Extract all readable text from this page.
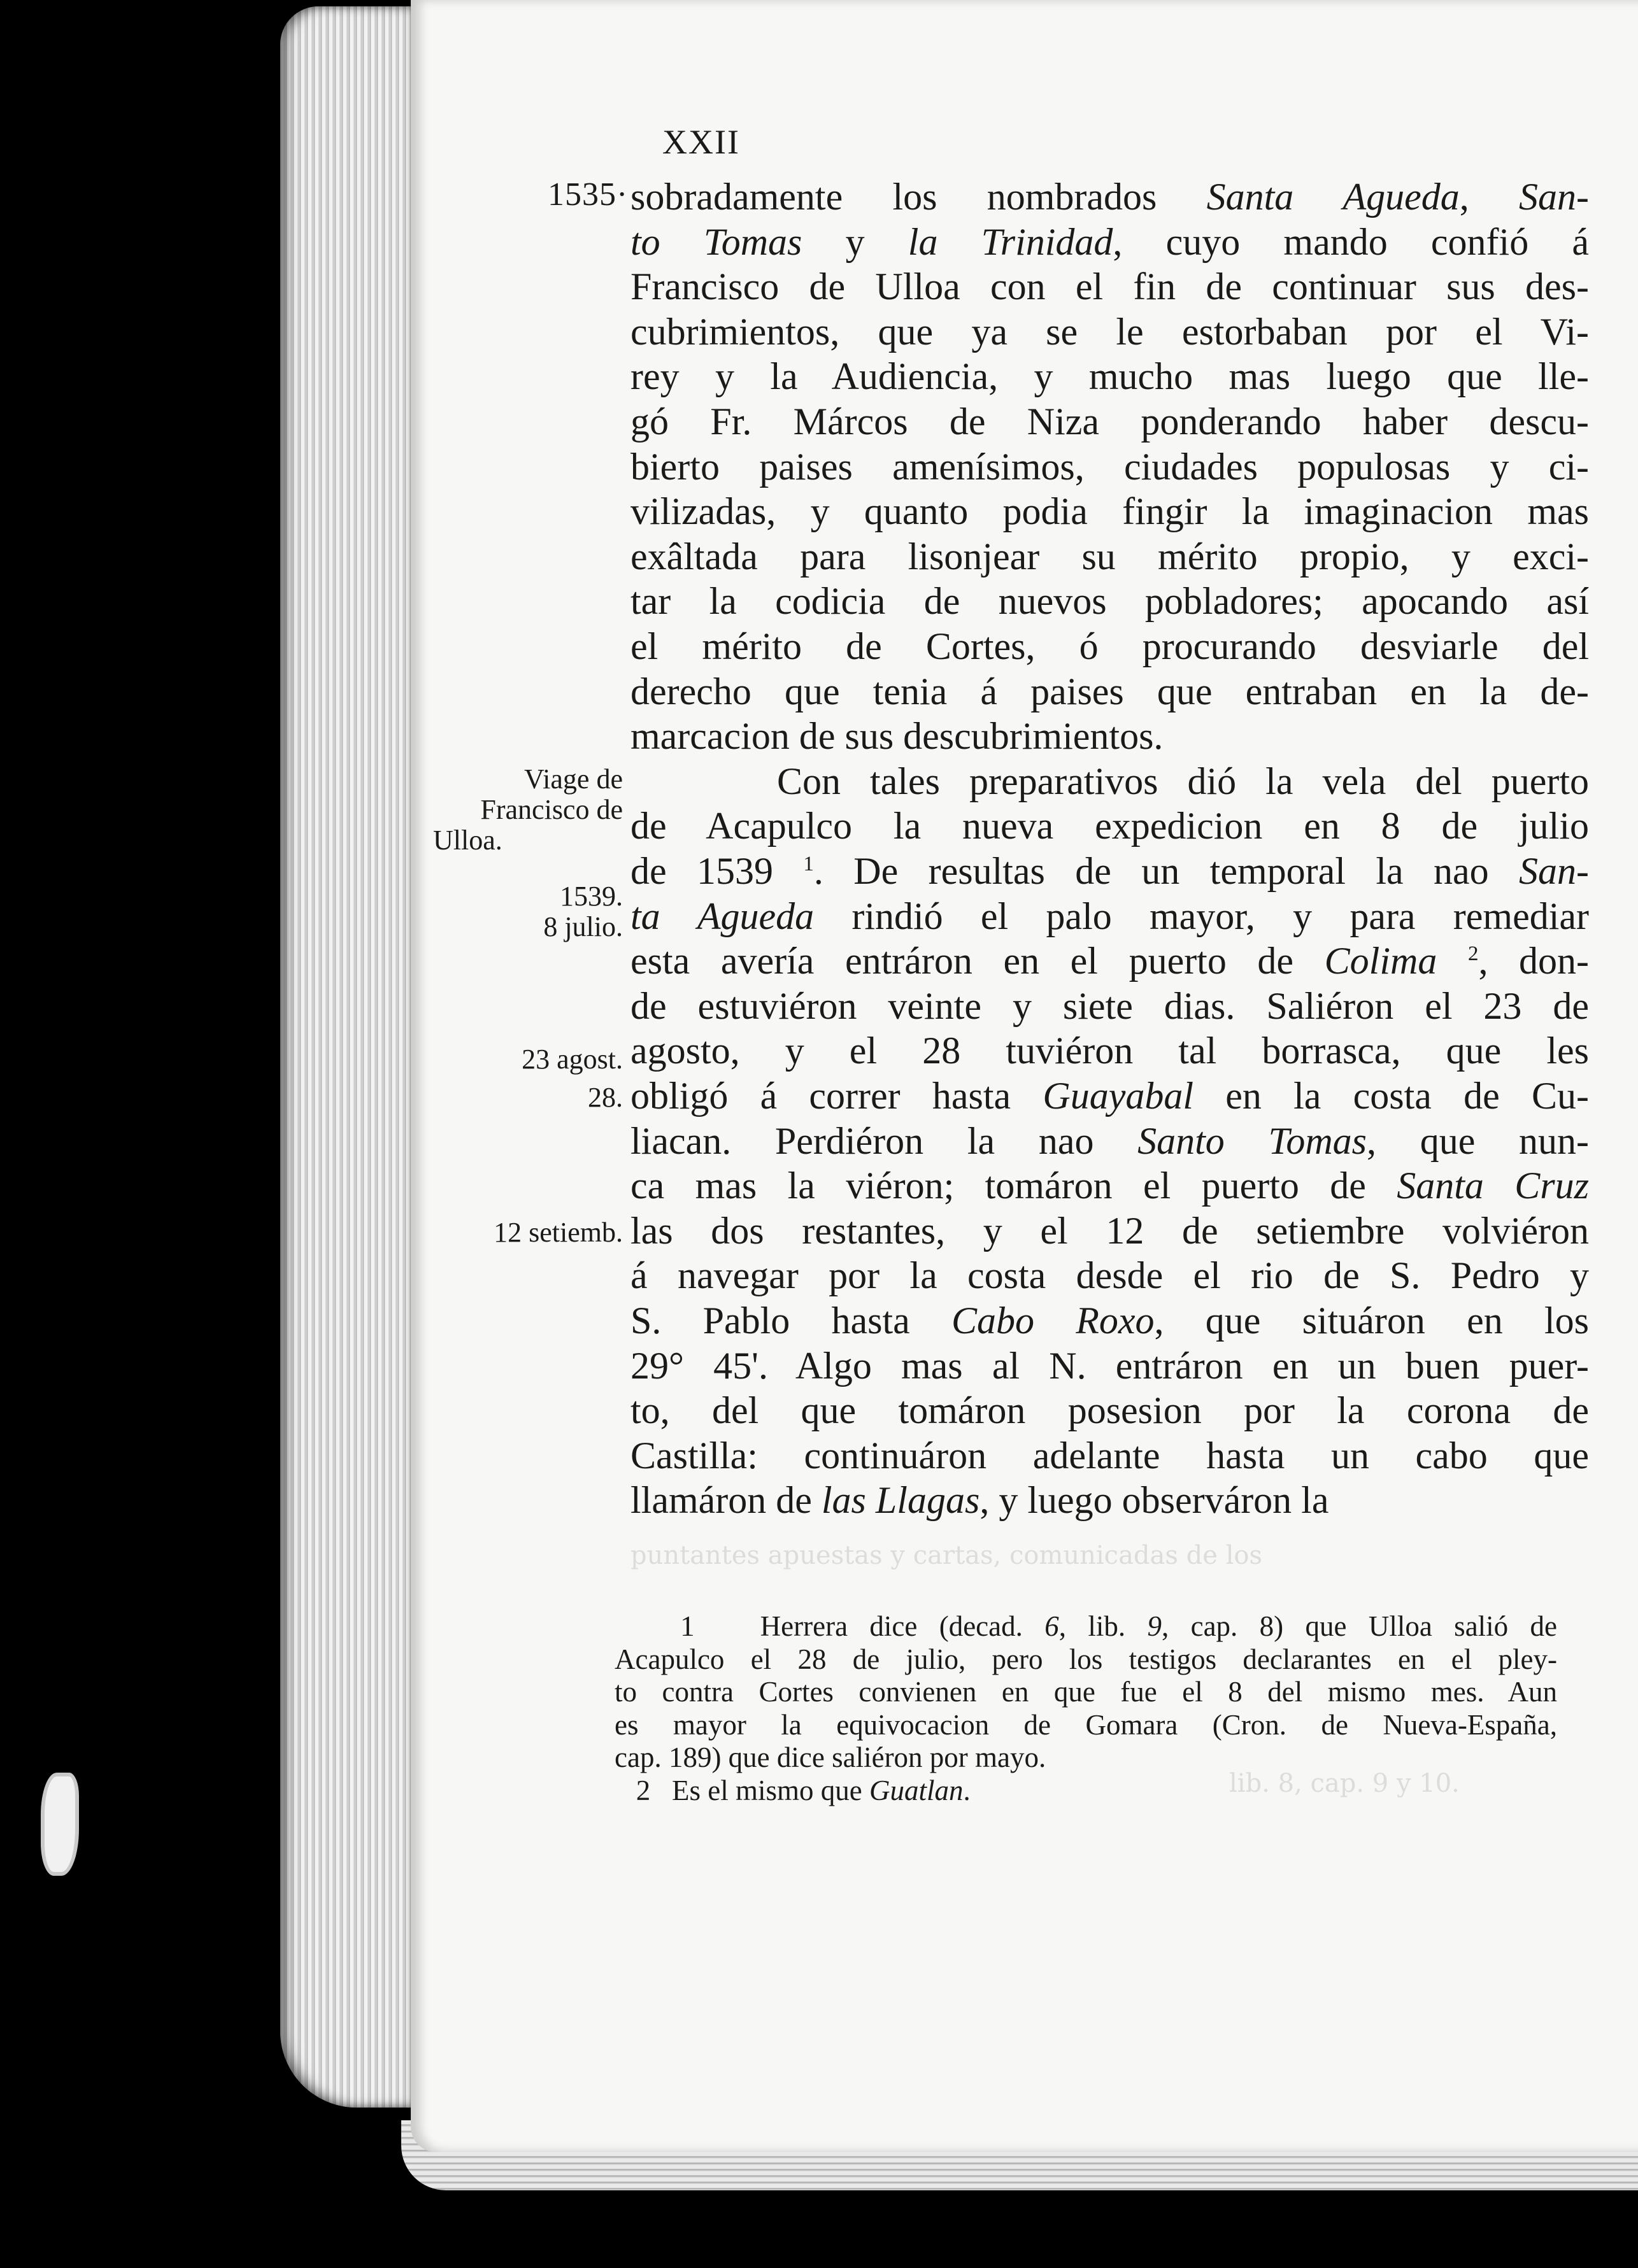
puntantes apuestas y cartas, comunicadas de los
lib. 8, cap. 9 y 10.
XXII
sobradamente los nombrados Santa Agueda, San-
to Tomas y la Trinidad, cuyo mando confió á
Francisco de Ulloa con el fin de continuar sus des-
cubrimientos, que ya se le estorbaban por el Vi-
rey y la Audiencia, y mucho mas luego que lle-
gó Fr. Márcos de Niza ponderando haber descu-
bierto paises amenísimos, ciudades populosas y ci-
vilizadas, y quanto podia fingir la imaginacion mas
exâltada para lisonjear su mérito propio, y exci-
tar la codicia de nuevos pobladores; apocando así
el mérito de Cortes, ó procurando desviarle del
derecho que tenia á paises que entraban en la de-
marcacion de sus descubrimientos.
Con tales preparativos dió la vela del puerto
de Acapulco la nueva expedicion en 8 de julio
de 1539 $^1$. De resultas de un temporal la nao San-
ta Agueda rindió el palo mayor, y para remediar
esta avería entráron en el puerto de Colima $^2$, don-
de estuviéron veinte y siete dias. Saliéron el 23 de
agosto, y el 28 tuviéron tal borrasca, que les
obligó á correr hasta Guayabal en la costa de Cu-
liacan. Perdiéron la nao Santo Tomas, que nun-
ca mas la viéron; tomáron el puerto de Santa Cruz
las dos restantes, y el 12 de setiembre volviéron
á navegar por la costa desde el rio de S. Pedro y
S. Pablo hasta Cabo Roxo, que situáron en los
29° 45'. Algo mas al N. entráron en un buen puer-
to, del que tomáron posesion por la corona de
Castilla: continuáron adelante hasta un cabo que
llamáron de las Llagas, y luego observáron la
1535·
Viage de
Francisco de
Ulloa.
1539.
8 julio.
23 agost.
28.
12 setiemb.
1   Herrera dice (decad. 6, lib. 9, cap. 8) que Ulloa salió de
Acapulco el 28 de julio, pero los testigos declarantes en el pley-
to contra Cortes convienen en que fue el 8 del mismo mes. Aun
es mayor la equivocacion de Gomara (Cron. de Nueva-España,
cap. 189) que dice saliéron por mayo.
2   Es el mismo que Guatlan.
